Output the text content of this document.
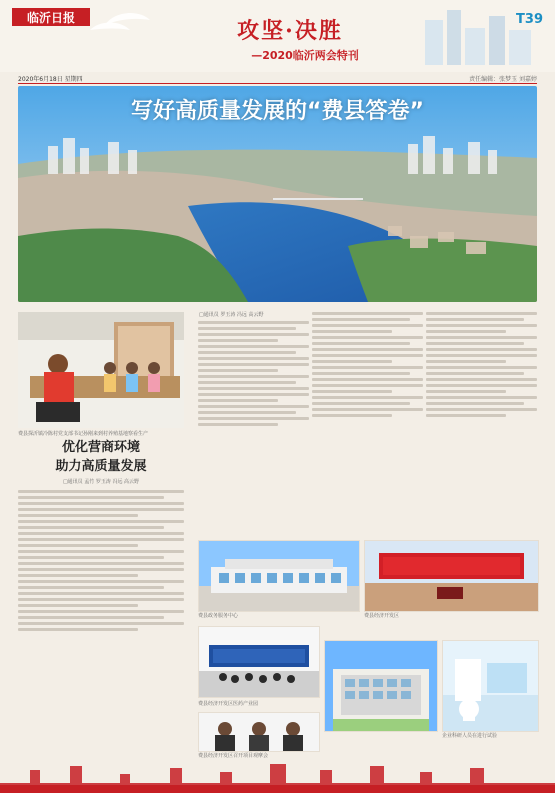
临沂日报
攻坚·决胜
—2020临沂两会特刊
T39
2020年6月18日 星期四	责任编辑：张梦玉 刘嘉婷
写好高质量发展的“费县答卷”
费县探沂镇冷陈村党支部书记孙刚来到村养殖基地察看生产
优化营商环境
助力高质量发展
□通讯员 孟竹 罗玉涛 冯远 高云野
□通讯员 罗玉涛 冯远 高云野
费县政务服务中心	费县经济开发区
费县经济开发区医药产业园
企业科研人员在进行试验
费县经济开发区召开项目观摩会
